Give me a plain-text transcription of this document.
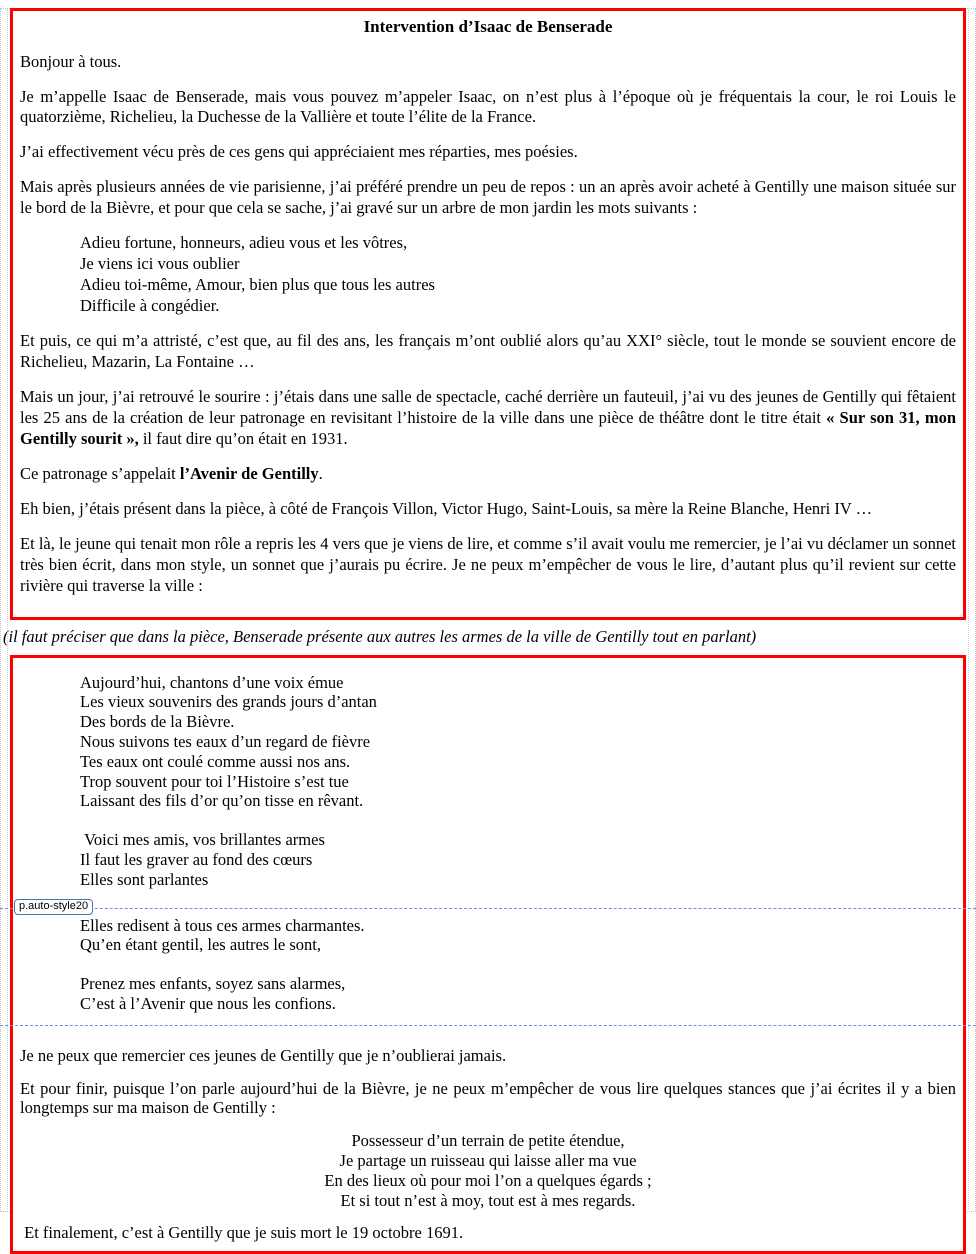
Intervention d’Isaac de Benserade

Bonjour à tous.

Je m’appelle Isaac de Benserade, mais vous pouvez m’appeler Isaac, on n’est plus à l’époque où je fréquentais la cour, le roi Louis le quatorzième, Richelieu, la Duchesse de la Vallière et toute l’élite de la France.

J’ai effectivement vécu près de ces gens qui appréciaient mes réparties, mes poésies.

Mais après plusieurs années de vie parisienne, j’ai préféré prendre un peu de repos : un an après avoir acheté à Gentilly une maison située sur le bord de la Bièvre, et pour que cela se sache, j’ai gravé sur un arbre de mon jardin les mots suivants :

Adieu fortune, honneurs, adieu vous et les vôtres,
Je viens ici vous oublier
Adieu toi-même, Amour, bien plus que tous les autres
Difficile à congédier.

Et puis, ce qui m’a attristé, c’est que, au fil des ans, les français m’ont oublié alors qu’au XXI° siècle, tout le monde se souvient encore de Richelieu, Mazarin, La Fontaine …

Mais un jour, j’ai retrouvé le sourire : j’étais dans une salle de spectacle, caché derrière un fauteuil, j’ai vu des jeunes de Gentilly qui fêtaient les 25 ans de la création de leur patronage en revisitant l’histoire de la ville dans une pièce de théâtre dont le titre était « Sur son 31, mon Gentilly sourit », il faut dire qu’on était en 1931.

Ce patronage s’appelait l’Avenir de Gentilly.

Eh bien, j’étais présent dans la pièce, à côté de François Villon, Victor Hugo, Saint-Louis, sa mère la Reine Blanche, Henri IV …

Et là, le jeune qui tenait mon rôle a repris les 4 vers que je viens de lire, et comme s’il avait voulu me remercier, je l’ai vu déclamer un sonnet très bien écrit, dans mon style, un sonnet que j’aurais pu écrire. Je ne peux m’empêcher de vous le lire, d’autant plus qu’il revient sur cette rivière qui traverse la ville :

(il faut préciser que dans la pièce, Benserade présente aux autres les armes de la ville de Gentilly tout en parlant)

Aujourd’hui, chantons d’une voix émue
Les vieux souvenirs des grands jours d’antan
Des bords de la Bièvre.
Nous suivons tes eaux d’un regard de fièvre
Tes eaux ont coulé comme aussi nos ans.
Trop souvent pour toi l’Histoire s’est tue
Laissant des fils d’or qu’on tisse en rêvant.
Voici mes amis, vos brillantes armes
Il faut les graver au fond des cœurs
Elles sont parlantes
p.auto-style20
Elles redisent à tous ces armes charmantes.
Qu’en étant gentil, les autres le sont,
Prenez mes enfants, soyez sans alarmes,
C’est à l’Avenir que nous les confions.

Je ne peux que remercier ces jeunes de Gentilly que je n’oublierai jamais.

Et pour finir, puisque l’on parle aujourd’hui de la Bièvre, je ne peux m’empêcher de vous lire quelques stances que j’ai écrites il y a bien longtemps sur ma maison de Gentilly :

Possesseur d’un terrain de petite étendue,
Je partage un ruisseau qui laisse aller ma vue
En des lieux où pour moi l’on a quelques égards ;
Et si tout n’est à moy, tout est à mes regards.

Et finalement, c’est à Gentilly que je suis mort le 19 octobre 1691.
